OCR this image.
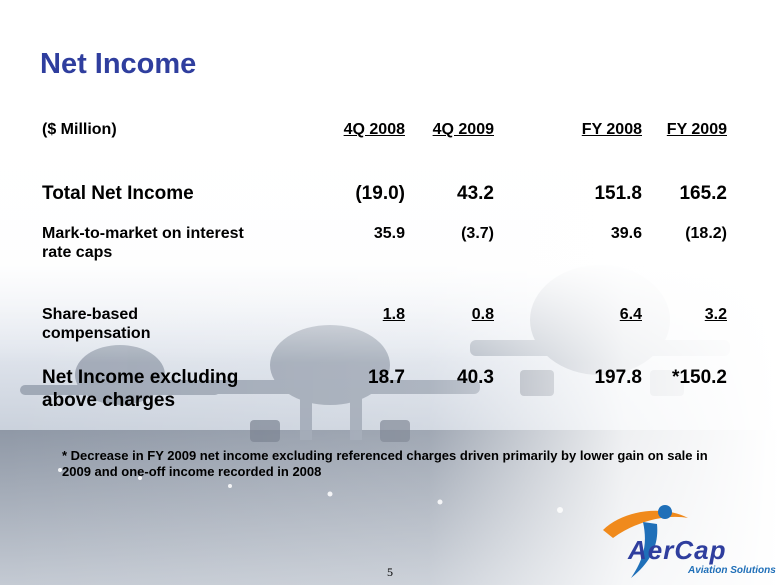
Net Income
($ Million)	4Q 2008	4Q 2009	FY 2008	FY 2009
Total Net Income	(19.0)	43.2	151.8	165.2
Mark-to-market on interest
rate caps
35.9	(3.7)	39.6	(18.2)
Share-based
compensation
1.8	0.8	6.4	3.2
Net Income excluding
above charges
18.7	40.3	197.8	*150.2
* Decrease in FY 2009 net income excluding referenced charges driven primarily by lower gain on sale in 2009 and one-off income recorded in 2008
5
AerCap
Aviation Solutions
